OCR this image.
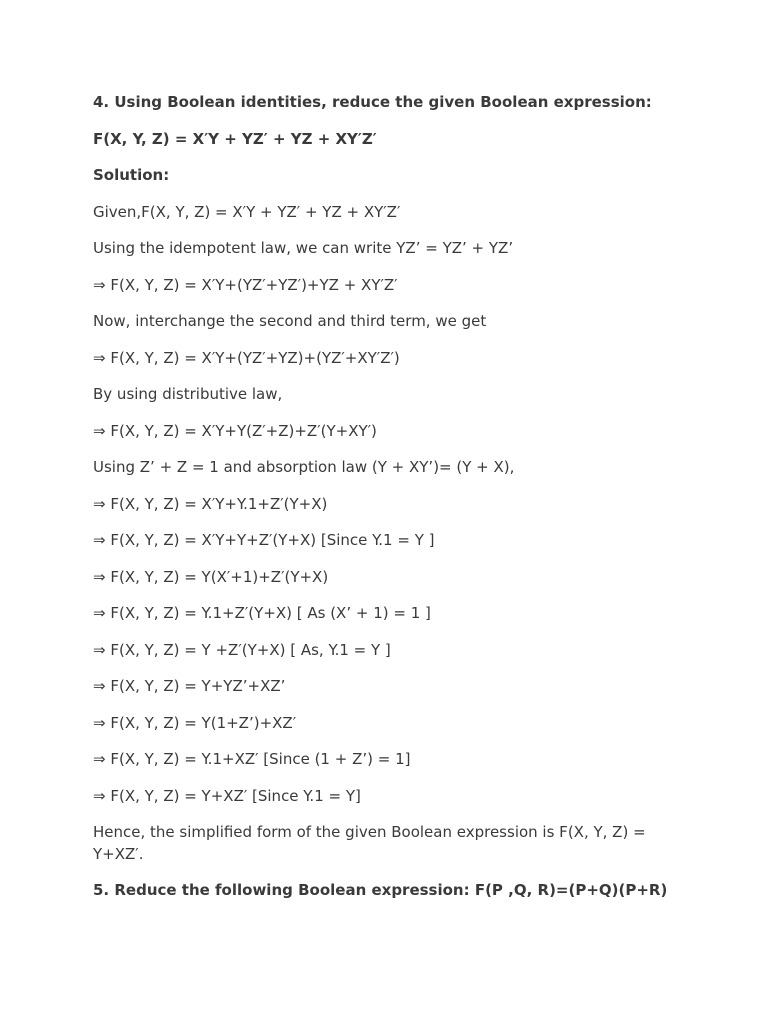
4. Using Boolean identities, reduce the given Boolean expression:

F(X, Y, Z) = X′Y + YZ′ + YZ + XY′Z′

Solution:

Given,F(X, Y, Z) = X′Y + YZ′ + YZ + XY′Z′

Using the idempotent law, we can write YZ’ = YZ’ + YZ’

⇒ F(X, Y, Z) = X′Y+(YZ′+YZ′)+YZ + XY′Z′

Now, interchange the second and third term, we get

⇒ F(X, Y, Z) = X′Y+(YZ′+YZ)+(YZ′+XY′Z′)

By using distributive law,

⇒ F(X, Y, Z) = X′Y+Y(Z′+Z)+Z′(Y+XY′)

Using Z’ + Z = 1 and absorption law (Y + XY’)= (Y + X),

⇒ F(X, Y, Z) = X′Y+Y.1+Z′(Y+X)

⇒ F(X, Y, Z) = X′Y+Y+Z′(Y+X) [Since Y.1 = Y ]

⇒ F(X, Y, Z) = Y(X′+1)+Z′(Y+X)

⇒ F(X, Y, Z) = Y.1+Z′(Y+X) [ As (X’ + 1) = 1 ]

⇒ F(X, Y, Z) = Y +Z′(Y+X) [ As, Y.1 = Y ]

⇒ F(X, Y, Z) = Y+YZ’+XZ’

⇒ F(X, Y, Z) = Y(1+Z’)+XZ′

⇒ F(X, Y, Z) = Y.1+XZ′ [Since (1 + Z’) = 1]

⇒ F(X, Y, Z) = Y+XZ′ [Since Y.1 = Y]

Hence, the simplified form of the given Boolean expression is F(X, Y, Z) = Y+XZ′.

5. Reduce the following Boolean expression: F(P ,Q, R)=(P+Q)(P+R)
